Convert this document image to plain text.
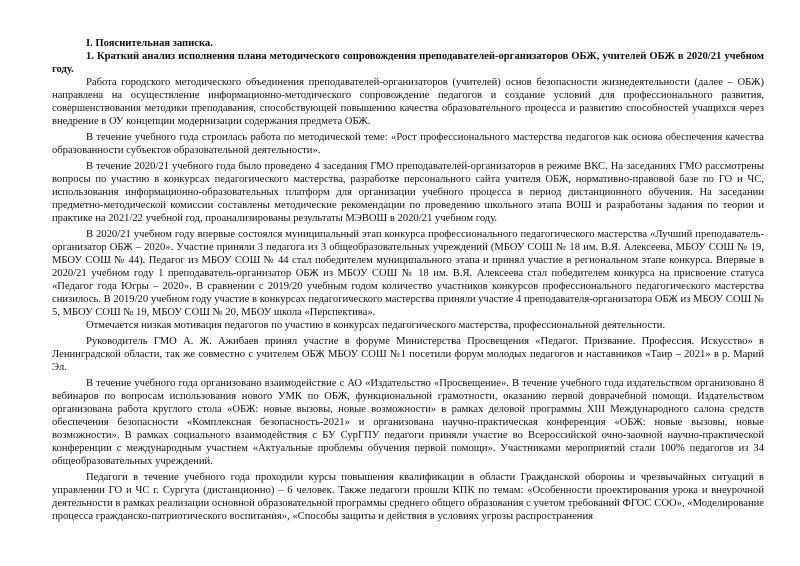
I. Пояснительная записка.

1. Краткий анализ исполнения плана методического сопровождения преподавателей-организаторов ОБЖ, учителей ОБЖ в 2020/21 учебном году.

Работа городского методического объединения преподавателей-организаторов (учителей) основ безопасности жизнедеятельности (далее – ОБЖ) направлена на осуществление информационно-методического сопровождение педагогов и создание условий для профессионального развития, совершенствования методики преподавания, способствующей повышению качества образовательного процесса и развитию способностей учащихся через внедрение в ОУ концепции модернизации содержания предмета ОБЖ.

В течение учебного года строилась работа по методической теме: «Рост профессионального мастерства педагогов как основа обеспечения качества образованности субъектов образовательной деятельности».

В течение 2020/21 учебного года было проведено 4 заседания ГМО преподавателей-организаторов в режиме ВКС. На заседаниях ГМО рассмотрены вопросы по участию в конкурсах педагогического мастерства, разработке персонального сайта учителя ОБЖ, нормативно-правовой базе по ГО и ЧС, использования информационно-образовательных платформ для организации учебного процесса в период дистанционного обучения. На заседании предметно-методической комиссии составлены методические рекомендации по проведению школьного этапа ВОШ и разработаны задания по теории и практике на 2021/22 учебной год, проанализированы результаты МЭВОШ в 2020/21 учебном году.

В 2020/21 учебном году впервые состоялся муниципальный этап конкурса профессионального педагогического мастерства «Лучший преподаватель-организатор ОБЖ – 2020». Участие приняли 3 педагога из 3 общеобразовательных учреждений (МБОУ СОШ № 18 им. В.Я. Алексеева, МБОУ СОШ № 19, МБОУ СОШ № 44). Педагог из МБОУ СОШ № 44 стал победителем муниципального этапа и принял участие в региональном этапе конкурса. Впервые в 2020/21 учебном году 1 преподаватель-организатор ОБЖ из МБОУ СОШ № 18 им. В.Я. Алексеева стал победителем конкурса на присвоение статуса «Педагог года Югры – 2020». В сравнении с 2019/20 учебным годом количество участников конкурсов профессионального педагогического мастерства снизилось. В 2019/20 учебном году участие в конкурсах педагогического мастерства приняли участие 4 преподавателя-организатора ОБЖ из МБОУ СОШ № 5, МБОУ СОШ № 19, МБОУ СОШ № 20, МБОУ школа «Перспектива».

Отмечается низкая мотивация педагогов по участию в конкурсах педагогического мастерства, профессиональной деятельности.

Руководитель ГМО А. Ж. Ажибаев принял участие в форуме Министерства Просвещения «Педагог. Призвание. Профессия. Искусство» в Ленинградской области, так же совместно с учителем ОБЖ МБОУ СОШ №1 посетили форум молодых педагогов и наставников «Таир – 2021» в р. Марий Эл.

В течение учебного года организовано взаимодействие с АО «Издательство «Просвещение». В течение учебного года издательством организовано 8 вебинаров по вопросам использования нового УМК по ОБЖ, функциональной грамотности, оказанию первой доврачебной помощи. Издательством организована работа круглого стола «ОБЖ: новые вызовы, новые возможности» в рамках деловой программы XIII Международного салона средств обеспечения безопасности «Комплексная безопасность-2021» и организована научно-практическая конференция «ОБЖ: новые вызовы, новые возможности». В рамках социального взаимодействия с БУ СурГПУ педагоги приняли участие во Всероссийской очно-заочной научно-практической конференции с международным участием «Актуальные проблемы обучения первой помощи». Участниками мероприятий стали 100% педагогов из 34 общеобразовательных учреждений.

Педагоги в течение учебного года проходили курсы повышения квалификации в области Гражданской обороны и чрезвычайных ситуаций в управлении ГО и ЧС г. Сургута (дистанционно) – 6 человек. Также педагоги прошли КПК по темам: «Особенности проектирования урока и внеурочной деятельности в рамках реализации основной образовательной программы среднего общего образования с учетом требований ФГОС СОО», «Моделирование процесса гражданско-патриотического воспитания», «Способы защиты и действия в условиях угрозы распространения
